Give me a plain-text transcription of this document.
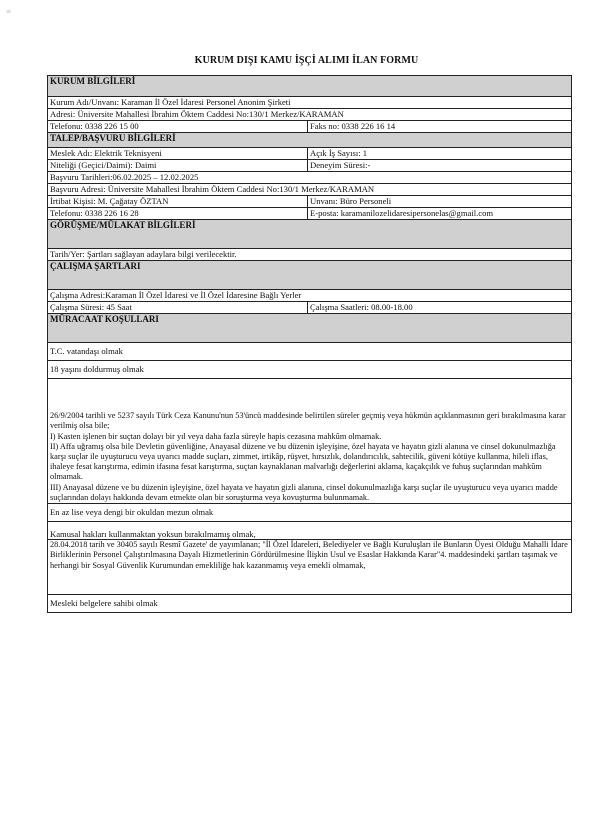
≡
KURUM DIŞI KAMU İŞÇİ ALIMI İLAN FORMU
KURUM BİLGİLERİ	
Kurum Adı/Unvanı: Karaman İl Özel İdaresi Personel Anonim Şirketi	
Adresi: Üniversite Mahallesi İbrahim Öktem Caddesi No:130/1 Merkez/KARAMAN	
Telefonu: 0338 226 15 00	Faks no: 0338 226 16 14
TALEP/BAŞVURU BİLGİLERİ	
Meslek Adı: Elektrik Teknisyeni	Açık İş Sayısı: 1
Niteliği (Geçici/Daimi): Daimi	Deneyim Süresi:-
Başvuru Tarihleri:06.02.2025 – 12.02.2025	
Başvuru Adresi: Üniversite Mahallesi İbrahim Öktem Caddesi No:130/1 Merkez/KARAMAN	
İrtibat Kişisi: M. Çağatay ÖZTAN	Unvanı: Büro Personeli
Telefonu: 0338 226 16 28	E-posta: karamanilozelidaresipersonelas@gmail.com
GÖRÜŞME/MÜLAKAT BİLGİLERİ	
Tarih/Yer: Şartları sağlayan adaylara bilgi verilecektir.	
ÇALIŞMA ŞARTLARI	
Çalışma Adresi:Karaman İl Özel İdaresi ve İl Özel İdaresine Bağlı Yerler	
Çalışma Süresi: 45 Saat	Çalışma Saatleri: 08.00-18.00
MÜRACAAT KOŞULLARI	
T.C. vatandaşı olmak	
18 yaşını doldurmuş olmak	

26/9/2004 tarihli ve 5237 sayılı Türk Ceza Kanunu'nun 53'üncü maddesinde belirtilen süreler geçmiş veya hükmün açıklanmasının geri bırakılmasına karar verilmiş olsa bile;

I) Kasten işlenen bir suçtan dolayı bir yıl veya daha fazla süreyle hapis cezasına mahkûm olmamak.

II) Affa uğramış olsa bile Devletin güvenliğine, Anayasal düzene ve bu düzenin işleyişine, özel hayata ve hayatın gizli alanına ve cinsel dokunulmazlığa karşı suçlar ile uyuşturucu veya uyarıcı madde suçları, zimmet, irtikâp, rüşvet, hırsızlık, dolandırıcılık, sahtecilik, güveni kötüye kullanma, hileli iflas, ihaleye fesat karıştırma, edimin ifasına fesat karıştırma, suçtan kaynaklanan malvarlığı değerlerini aklama, kaçakçılık ve fuhuş suçlarından mahkûm olmamak.

III) Anayasal düzene ve bu düzenin işleyişine, özel hayata ve hayatın gizli alanına, cinsel dokunulmazlığa karşı suçlar ile uyuşturucu veya uyarıcı madde suçlarından dolayı hakkında devam etmekte olan bir soruşturma veya kovuşturma bulunmamak.	

En az lise veya dengi bir okuldan mezun olmak	
Kamusal hakları kullanmaktan yoksun bırakılmamış olmak,	
28.04.2018 tarih ve 30405 sayılı Resmî Gazete' de yayımlanan; "İl Özel İdareleri, Belediyeler ve Bağlı Kuruluşları ile Bunların Üyesi Olduğu Mahalli İdare Birliklerinin Personel Çalıştırılmasına Dayalı Hizmetlerinin Gördürülmesine İlişkin Usul ve Esaslar Hakkında Karar"4. maddesindeki şartları taşımak ve herhangi bir Sosyal Güvenlik Kurumundan emekliliğe hak kazanmamış veya emekli olmamak,	
Mesleki belgelere sahibi olmak	
